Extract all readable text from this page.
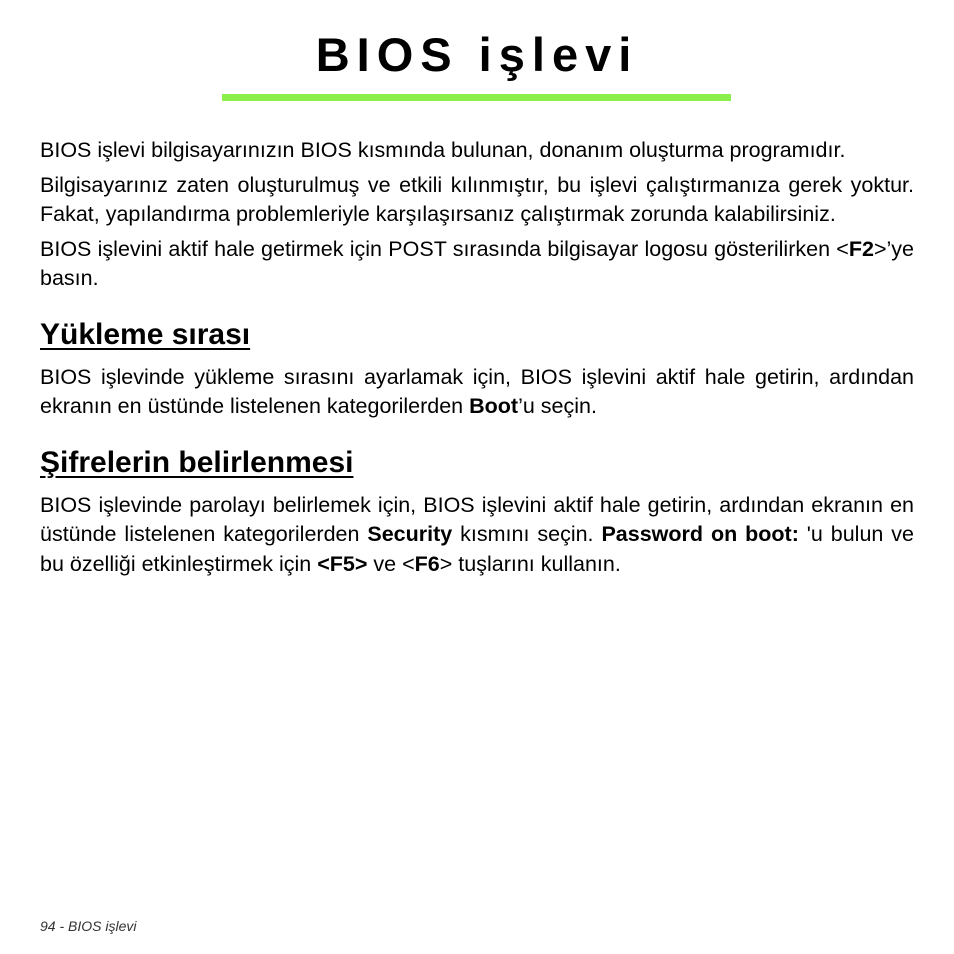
BIOS işlevi

BIOS işlevi bilgisayarınızın BIOS kısmında bulunan, donanım oluşturma programıdır.

Bilgisayarınız zaten oluşturulmuş ve etkili kılınmıştır, bu işlevi çalıştırmanıza gerek yoktur. Fakat, yapılandırma problemleriyle karşılaşırsanız çalıştırmak zorunda kalabilirsiniz.

BIOS işlevini aktif hale getirmek için POST sırasında bilgisayar logosu gösterilirken <F2>’ye basın.

Yükleme sırası

BIOS işlevinde yükleme sırasını ayarlamak için, BIOS işlevini aktif hale getirin, ardından ekranın en üstünde listelenen kategorilerden Boot’u seçin.

Şifrelerin belirlenmesi

BIOS işlevinde parolayı belirlemek için, BIOS işlevini aktif hale getirin, ardından ekranın en üstünde listelenen kategorilerden Security kısmını seçin. Password on boot: 'u bulun ve bu özelliği etkinleştirmek için <F5> ve <F6> tuşlarını kullanın.

94 - BIOS işlevi
